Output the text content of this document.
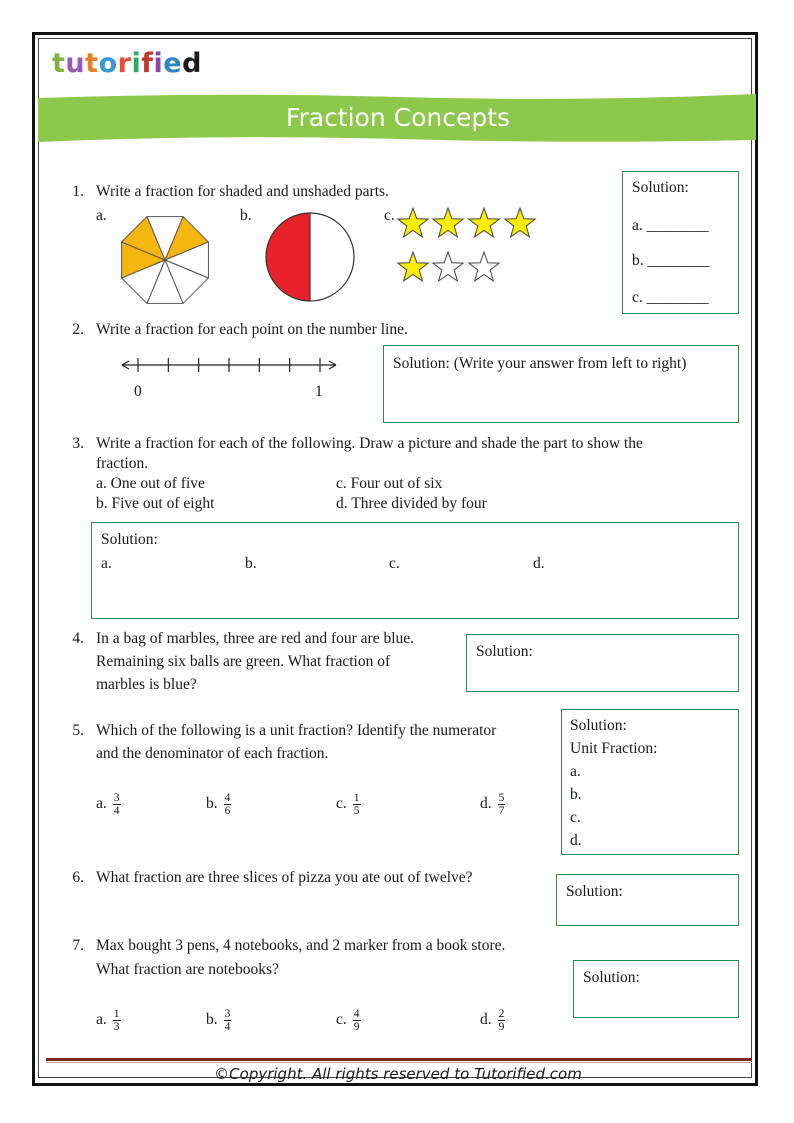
tutorified
Fraction Concepts
1. Write a fraction for shaded and unshaded parts.
a.	b.	c.
Solution:
a. ________
b. ________
c. ________
2. Write a fraction for each point on the number line.
0	1
Solution: (Write your answer from left to right)
3. Write a fraction for each of the following. Draw a picture and shade the part to show the
fraction.
a. One out of five	c. Four out of six
b. Five out of eight	d. Three divided by four
Solution:
a.	b.	c.	d.
4. In a bag of marbles, three are red and four are blue.
Remaining six balls are green. What fraction of
marbles is blue?
Solution:
5. Which of the following is a unit fraction? Identify the numerator
and the denominator of each fraction.
a. $\frac{3}{4}$	b. $\frac{4}{6}$	c. $\frac{1}{5}$	d. $\frac{5}{7}$
Solution:
Unit Fraction:
a.
b.
c.
d.
6. What fraction are three slices of pizza you ate out of twelve?
Solution:
7. Max bought 3 pens, 4 notebooks, and 2 marker from a book store.
What fraction are notebooks?
a. $\frac{1}{3}$	b. $\frac{3}{4}$	c. $\frac{4}{9}$	d. $\frac{2}{9}$
Solution:
©Copyright. All rights reserved to Tutorified.com
